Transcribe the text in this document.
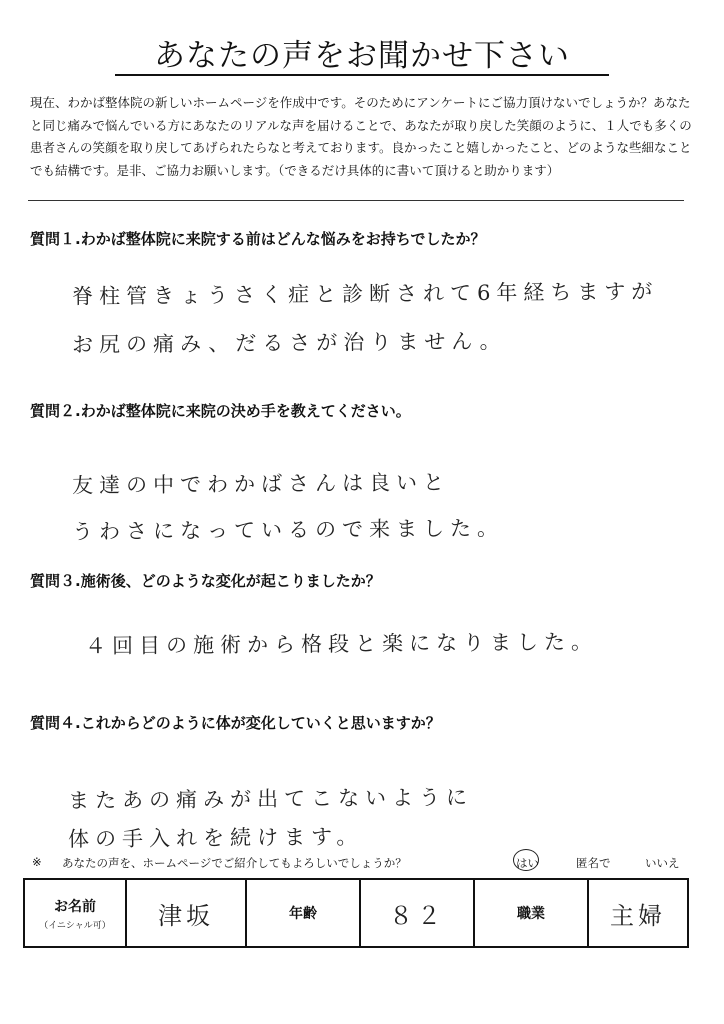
あなたの声をお聞かせ下さい
現在、わかば整体院の新しいホームページを作成中です。そのためにアンケートにご協力頂けないでしょうか？あなたと同じ痛みで悩んでいる方にあなたのリアルな声を届けることで、あなたが取り戻した笑顔のように、１人でも多くの患者さんの笑顔を取り戻してあげられたらなと考えております。良かったこと嬉しかったこと、どのような些細なことでも結構です。是非、ご協力お願いします。（できるだけ具体的に書いて頂けると助かります）
質問１.わかば整体院に来院する前はどんな悩みをお持ちでしたか？
脊柱管きょうさく症と診断されて6年経ちますが
お尻の痛み、だるさが治りません。
質問２.わかば整体院に来院の決め手を教えてください。
友達の中でわかばさんは良いと
うわさになっているので来ました。
質問３.施術後、どのような変化が起こりましたか？
４回目の施術から格段と楽になりました。
質問４.これからどのように体が変化していくと思いますか？
またあの痛みが出てこないように
体の手入れを続けます。
※ あなたの声を、ホームページでご紹介してもよろしいでしょうか？	はい	匿名で	いいえ
お名前
（イニシャル可）	津坂	年齢	８２	職業	主婦
